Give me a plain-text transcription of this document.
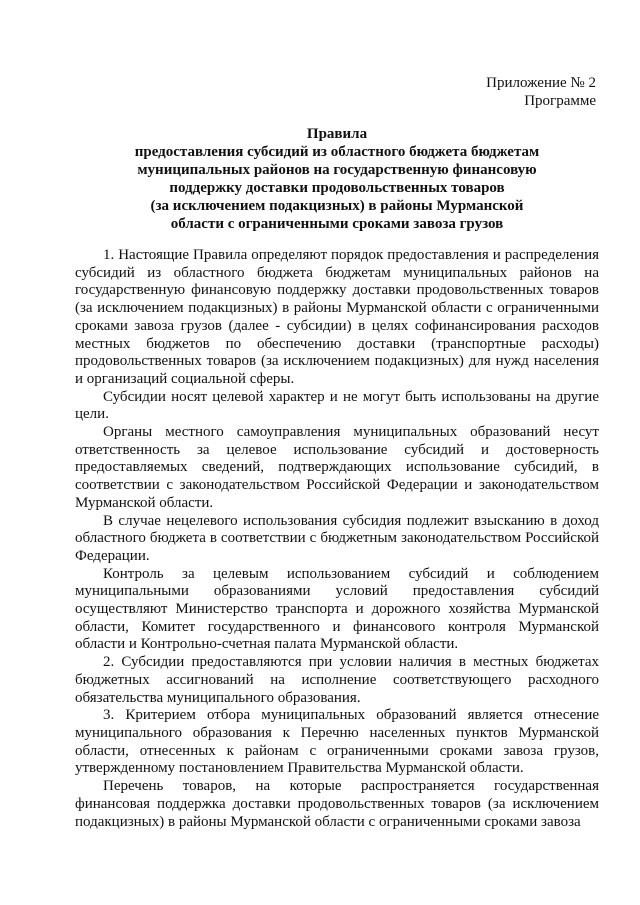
Приложение № 2
Программе
Правила
предоставления субсидий из областного бюджета бюджетам
муниципальных районов на государственную финансовую
поддержку доставки продовольственных товаров
(за исключением подакцизных) в районы Мурманской
области с ограниченными сроками завоза грузов

1. Настоящие Правила определяют порядок предоставления и распределения субсидий из областного бюджета бюджетам муниципальных районов на государственную финансовую поддержку доставки продовольственных товаров (за исключением подакцизных) в районы Мурманской области с ограниченными сроками завоза грузов (далее - субсидии) в целях софинансирования расходов местных бюджетов по обеспечению доставки (транспортные расходы) продовольственных товаров (за исключением подакцизных) для нужд населения и организаций социальной сферы.

Субсидии носят целевой характер и не могут быть использованы на другие цели.

Органы местного самоуправления муниципальных образований несут ответственность за целевое использование субсидий и достоверность предоставляемых сведений, подтверждающих использование субсидий, в соответствии с законодательством Российской Федерации и законодательством Мурманской области.

В случае нецелевого использования субсидия подлежит взысканию в доход областного бюджета в соответствии с бюджетным законодательством Российской Федерации.

Контроль за целевым использованием субсидий и соблюдением муниципальными образованиями условий предоставления субсидий осуществляют Министерство транспорта и дорожного хозяйства Мурманской области, Комитет государственного и финансового контроля Мурманской области и Контрольно-счетная палата Мурманской области.

2. Субсидии предоставляются при условии наличия в местных бюджетах бюджетных ассигнований на исполнение соответствующего расходного обязательства муниципального образования.

3. Критерием отбора муниципальных образований является отнесение муниципального образования к Перечню населенных пунктов Мурманской области, отнесенных к районам с ограниченными сроками завоза грузов, утвержденному постановлением Правительства Мурманской области.

Перечень товаров, на которые распространяется государственная финансовая поддержка доставки продовольственных товаров (за исключением подакцизных) в районы Мурманской области с ограниченными сроками завоза
